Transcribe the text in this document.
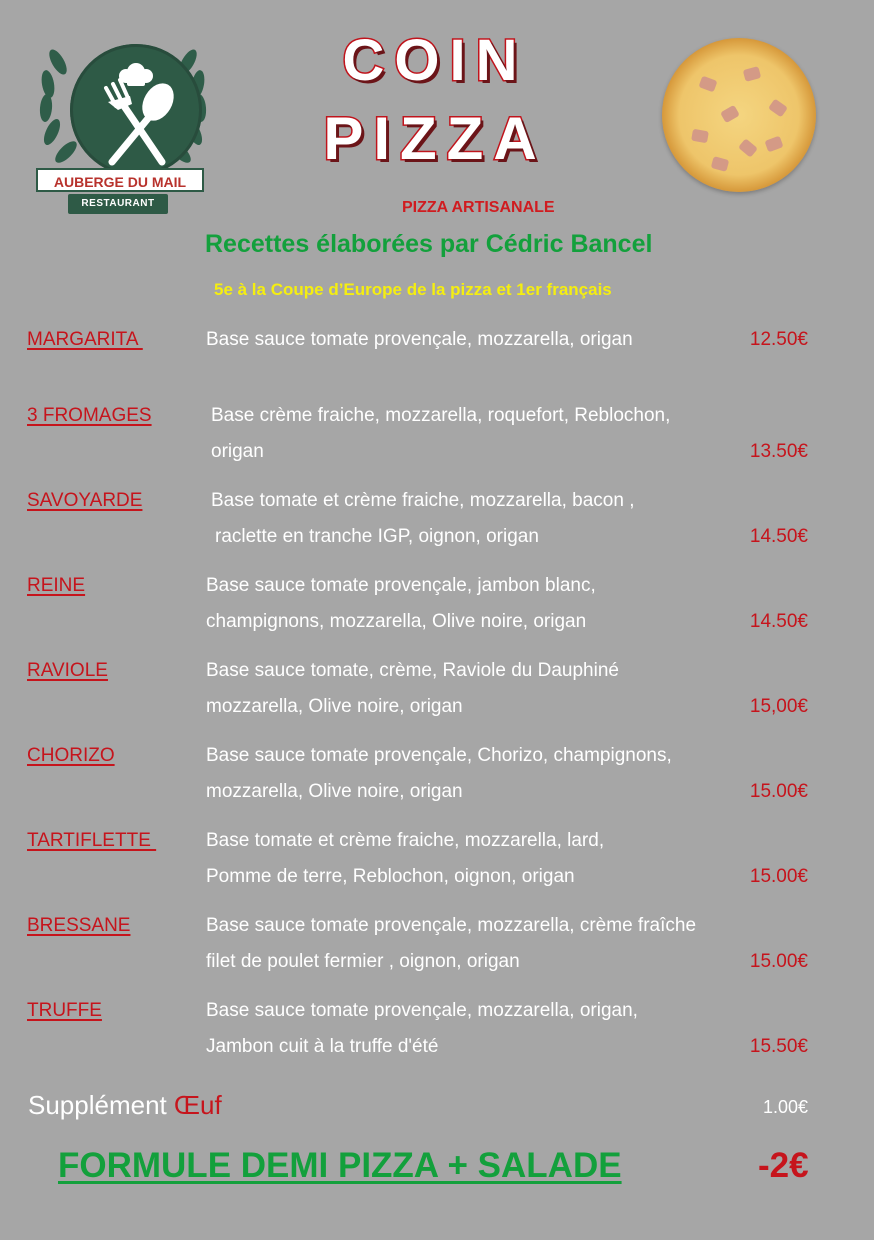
AUBERGE DU MAIL
RESTAURANT
COIN
PIZZA

PIZZA ARTISANALE

Recettes élaborées par Cédric Bancel

5e à la Coupe d’Europe de la pizza et 1er français

MARGARITA	Base sauce tomate provençale, mozzarella, origan	12.50€
3 FROMAGES	Base crème fraiche, mozzarella, roquefort, Reblochon,
origan	13.50€
SAVOYARDE	Base tomate et crème fraiche, mozzarella, bacon ,
raclette en tranche IGP, oignon, origan	14.50€
REINE	Base sauce tomate provençale, jambon blanc,
champignons, mozzarella, Olive noire, origan	14.50€
RAVIOLE	Base sauce tomate, crème, Raviole du Dauphiné
mozzarella, Olive noire, origan	15,00€
CHORIZO	Base sauce tomate provençale, Chorizo, champignons,
mozzarella, Olive noire, origan	15.00€
TARTIFLETTE	Base tomate et crème fraiche, mozzarella, lard,
Pomme de terre, Reblochon, oignon, origan	15.00€
BRESSANE	Base sauce tomate provençale, mozzarella, crème fraîche
filet de poulet fermier , oignon, origan	15.00€
TRUFFE	Base sauce tomate provençale, mozzarella, origan,
Jambon cuit à la truffe d'été	15.50€
Supplément Œuf	1.00€
FORMULE DEMI PIZZA + SALADE	-2€
